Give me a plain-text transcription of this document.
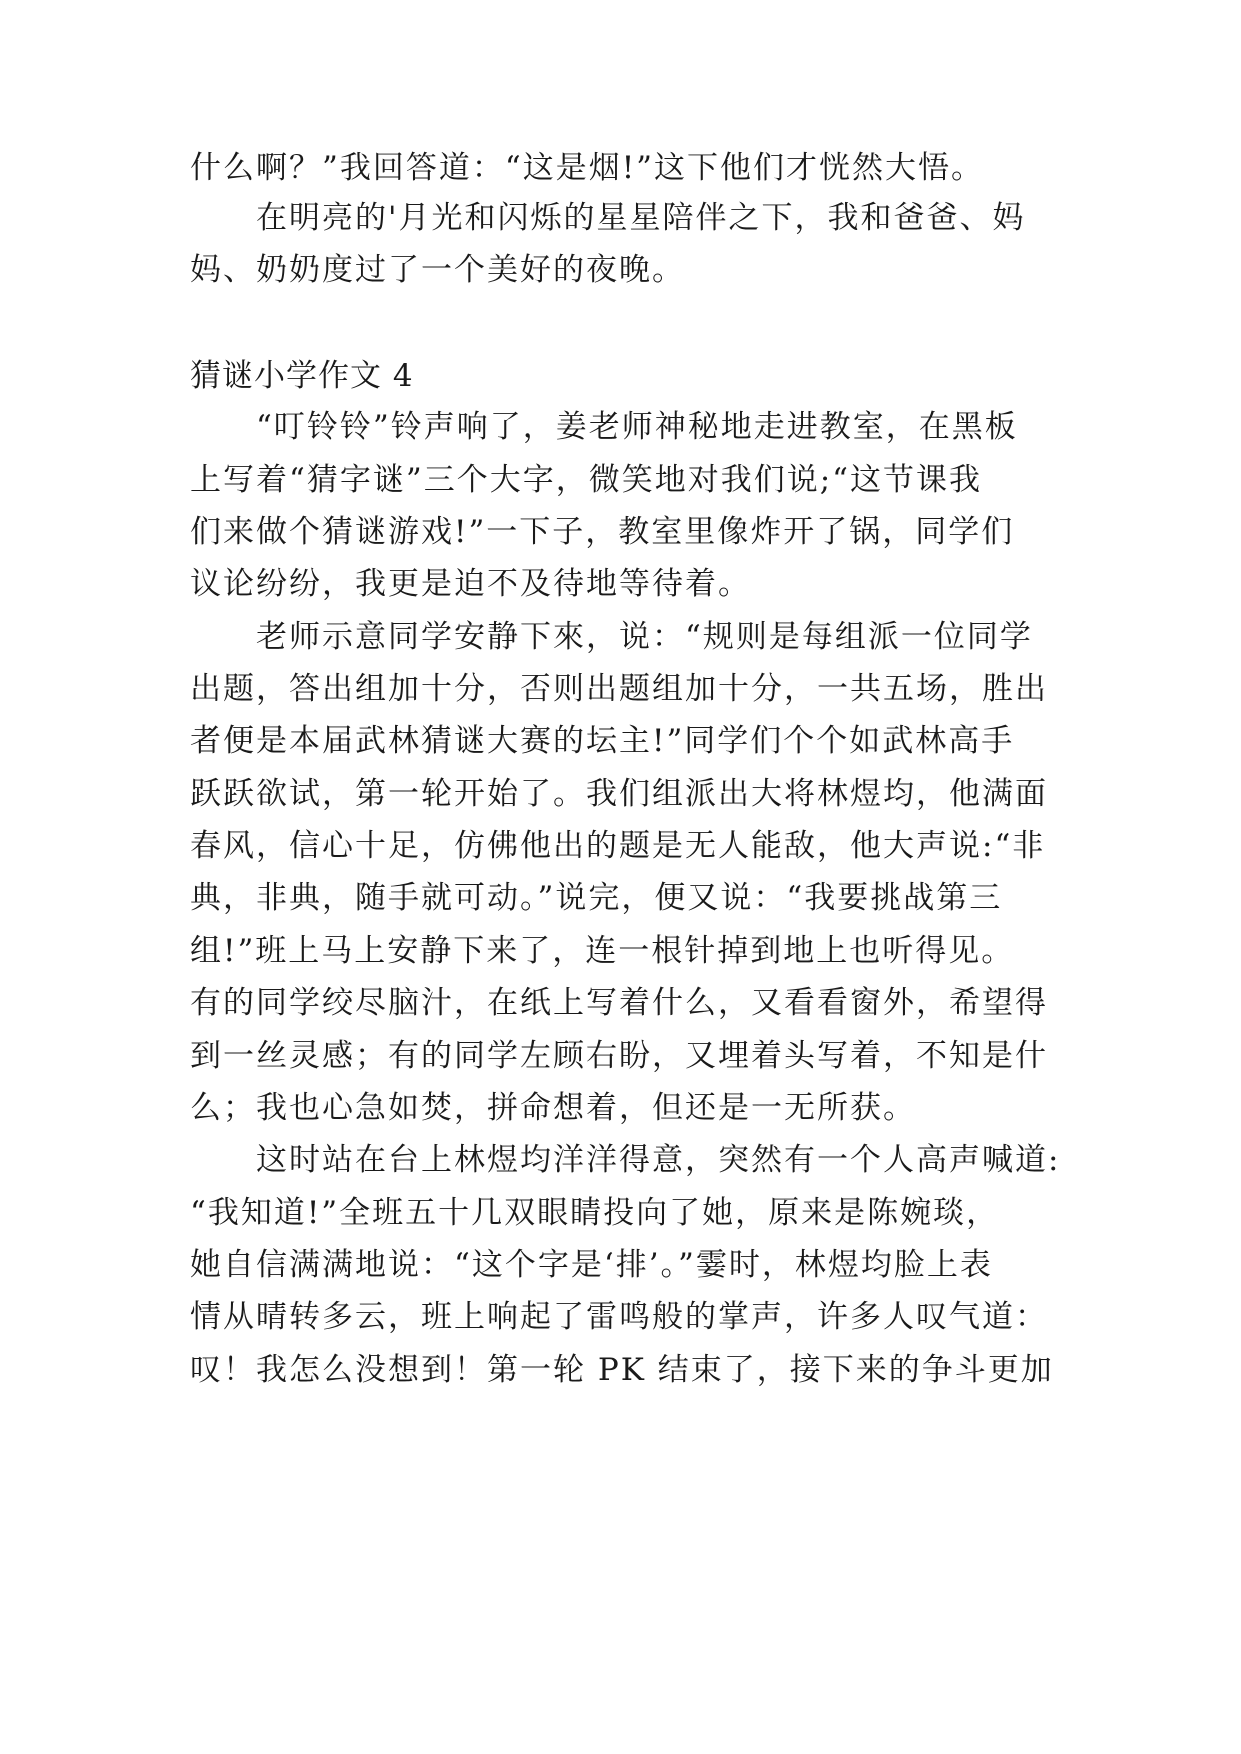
什么啊？”我回答道：“这是烟!”这下他们才恍然大悟。
　　在明亮的'月光和闪烁的星星陪伴之下，我和爸爸、妈
妈、奶奶度过了一个美好的夜晚。
猜谜小学作文 4
　　“叮铃铃”铃声响了，姜老师神秘地走进教室，在黑板
上写着“猜字谜”三个大字，微笑地对我们说;“这节课我
们来做个猜谜游戏!”一下子，教室里像炸开了锅，同学们
议论纷纷，我更是迫不及待地等待着。
　　老师示意同学安静下來，说：“规则是每组派一位同学
出题，答出组加十分，否则出题组加十分，一共五场，胜出
者便是本届武林猜谜大赛的坛主!”同学们个个如武林高手
跃跃欲试，第一轮开始了。我们组派出大将林煜均，他满面
春风，信心十足，仿佛他出的题是无人能敌，他大声说:“非
典，非典，随手就可动。”说完，便又说：“我要挑战第三
组!”班上马上安静下来了，连一根针掉到地上也听得见。
有的同学绞尽脑汁，在纸上写着什么，又看看窗外，希望得
到一丝灵感；有的同学左顾右盼，又埋着头写着，不知是什
么；我也心急如焚，拼命想着，但还是一无所获。
　　这时站在台上林煜均洋洋得意，突然有一个人高声喊道:
“我知道!”全班五十几双眼睛投向了她，原来是陈婉琰，
她自信满满地说：“这个字是‘排’。”霎时，林煜均脸上表
情从晴转多云，班上响起了雷鸣般的掌声，许多人叹气道：
叹！我怎么没想到！第一轮 PK 结束了，接下来的争斗更加
